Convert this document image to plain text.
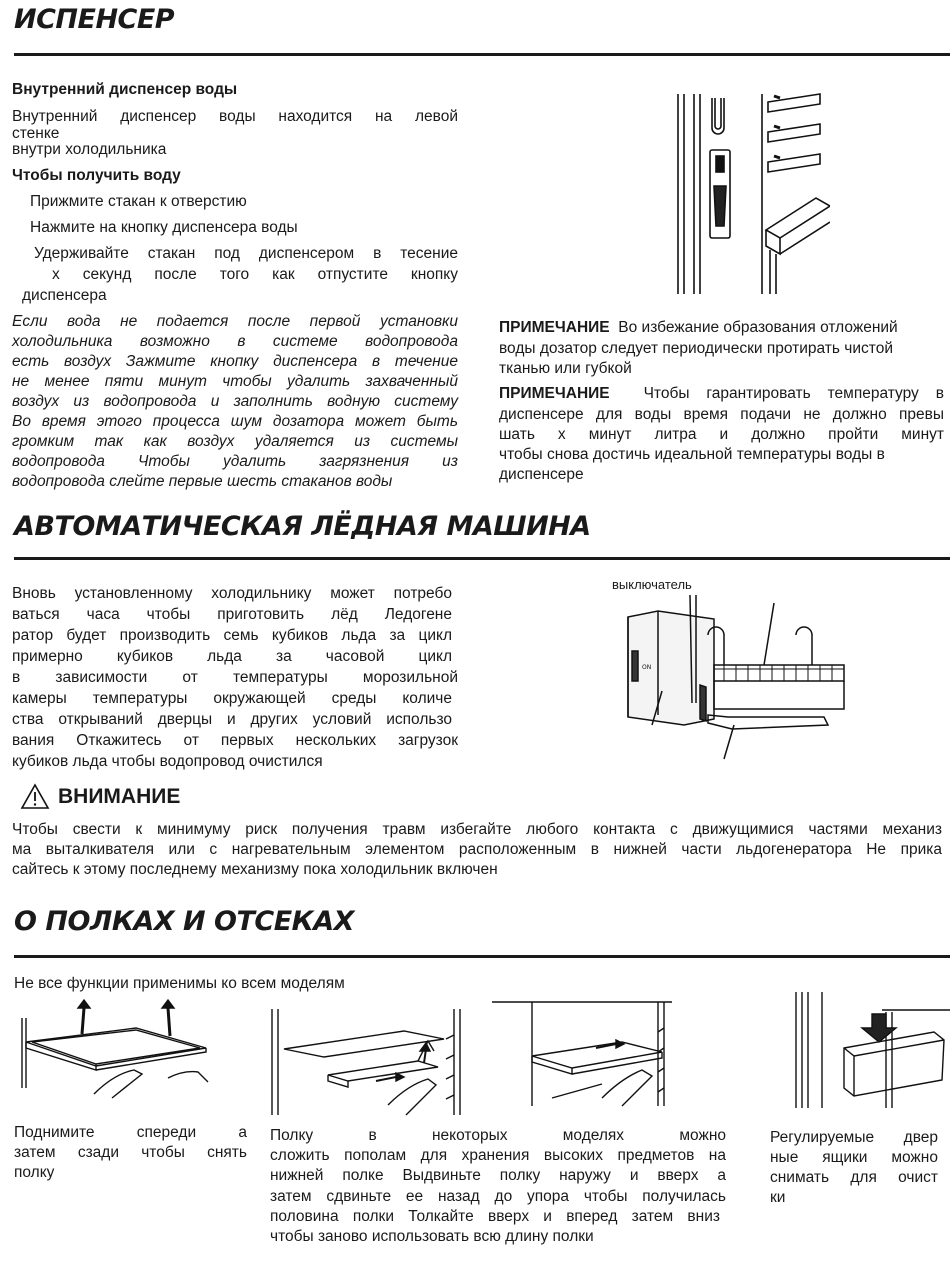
ИСПЕНСЕР
Внутренний диспенсер воды
Внутренний диспенсер воды находится на левой
стенке
внутри холодильника
Чтобы получить воду
Прижмите стакан к отверстию
Нажмите на кнопку диспенсера воды
Удерживайте стакан под диспенсером в тесение
х секунд после того как отпустите кнопку
диспенсера
Если вода не подается после первой установки
холодильника возможно в системе водопровода
есть воздух Зажмите кнопку диспенсера в течение
не менее пяти минут чтобы удалить захваченный
воздух из водопровода и заполнить водную систему
Во время этого процесса шум дозатора может быть
громким так как воздух удаляется из системы
водопровода Чтобы удалить загрязнения из
водопровода слейте первые шесть стаканов воды
ПРИМЕЧАНИЕ Во избежание образования отложений
воды дозатор следует периодически протирать чистой
тканью или губкой
ПРИМЕЧАНИЕ Чтобы гарантировать температуру в
диспенсере для воды время подачи не должно превы
шать х минут литра и должно пройти минут
чтобы снова достичь идеальной температуры воды в
диспенсере
АВТОМАТИЧЕСКАЯ ЛЁДНАЯ МАШИНА
Вновь установленному холодильнику может потребо
ваться часа чтобы приготовить лёд Ледогене
ратор будет производить семь кубиков льда за цикл
примерно кубиков льда за часовой цикл
в зависимости от температуры морозильной
камеры температуры окружающей среды количе
ства открываний дверцы и других условий использо
вания Откажитесь от первых нескольких загрузок
кубиков льда чтобы водопровод очистился
выключатель
ON
ВНИМАНИЕ
Чтобы свести к минимуму риск получения травм избегайте любого контакта с движущимися частями механиз
ма выталкивателя или с нагревательным элементом расположенным в нижней части льдогенератора Не прика
сайтесь к этому последнему механизму пока холодильник включен
О ПОЛКАХ И ОТСЕКАХ
Не все функции применимы ко всем моделям
Поднимите спереди а
затем сзади чтобы снять
полку
Полку в некоторых моделях можно
сложить пополам для хранения высоких предметов на
нижней полке Выдвиньте полку наружу и вверх а
затем сдвиньте ее назад до упора чтобы получилась
половина полки Толкайте вверх и вперед затем вниз
чтобы заново использовать всю длину полки
Регулируемые двер
ные ящики можно
снимать для очист
ки
